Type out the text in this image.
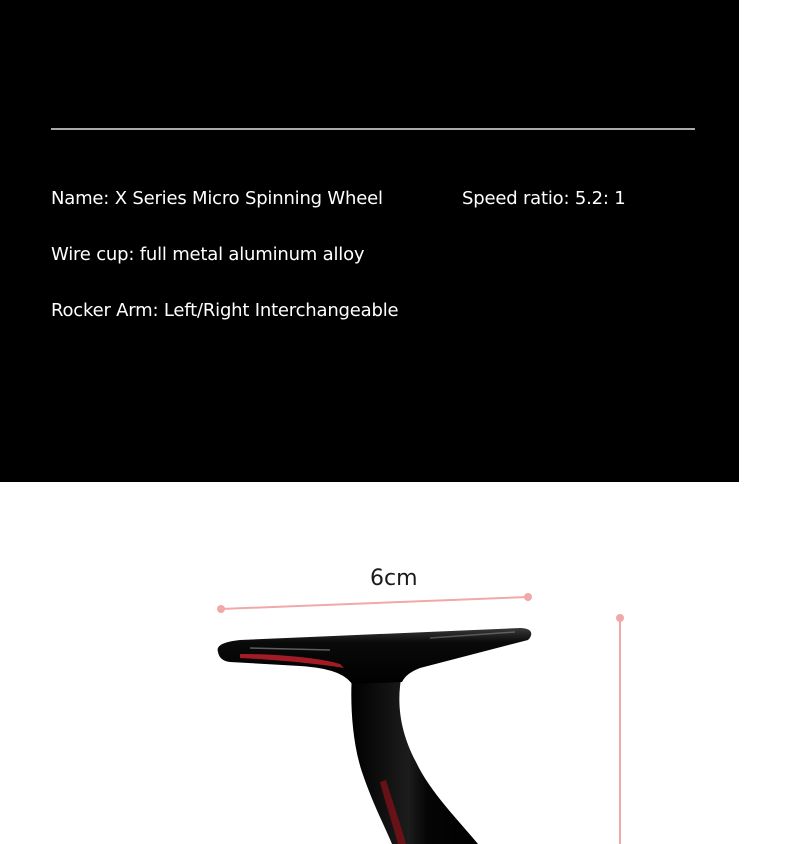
Name: X Series Micro Spinning Wheel	Speed ratio: 5.2: 1
Wire cup: full metal aluminum alloy
Rocker Arm: Left/Right Interchangeable
6cm
